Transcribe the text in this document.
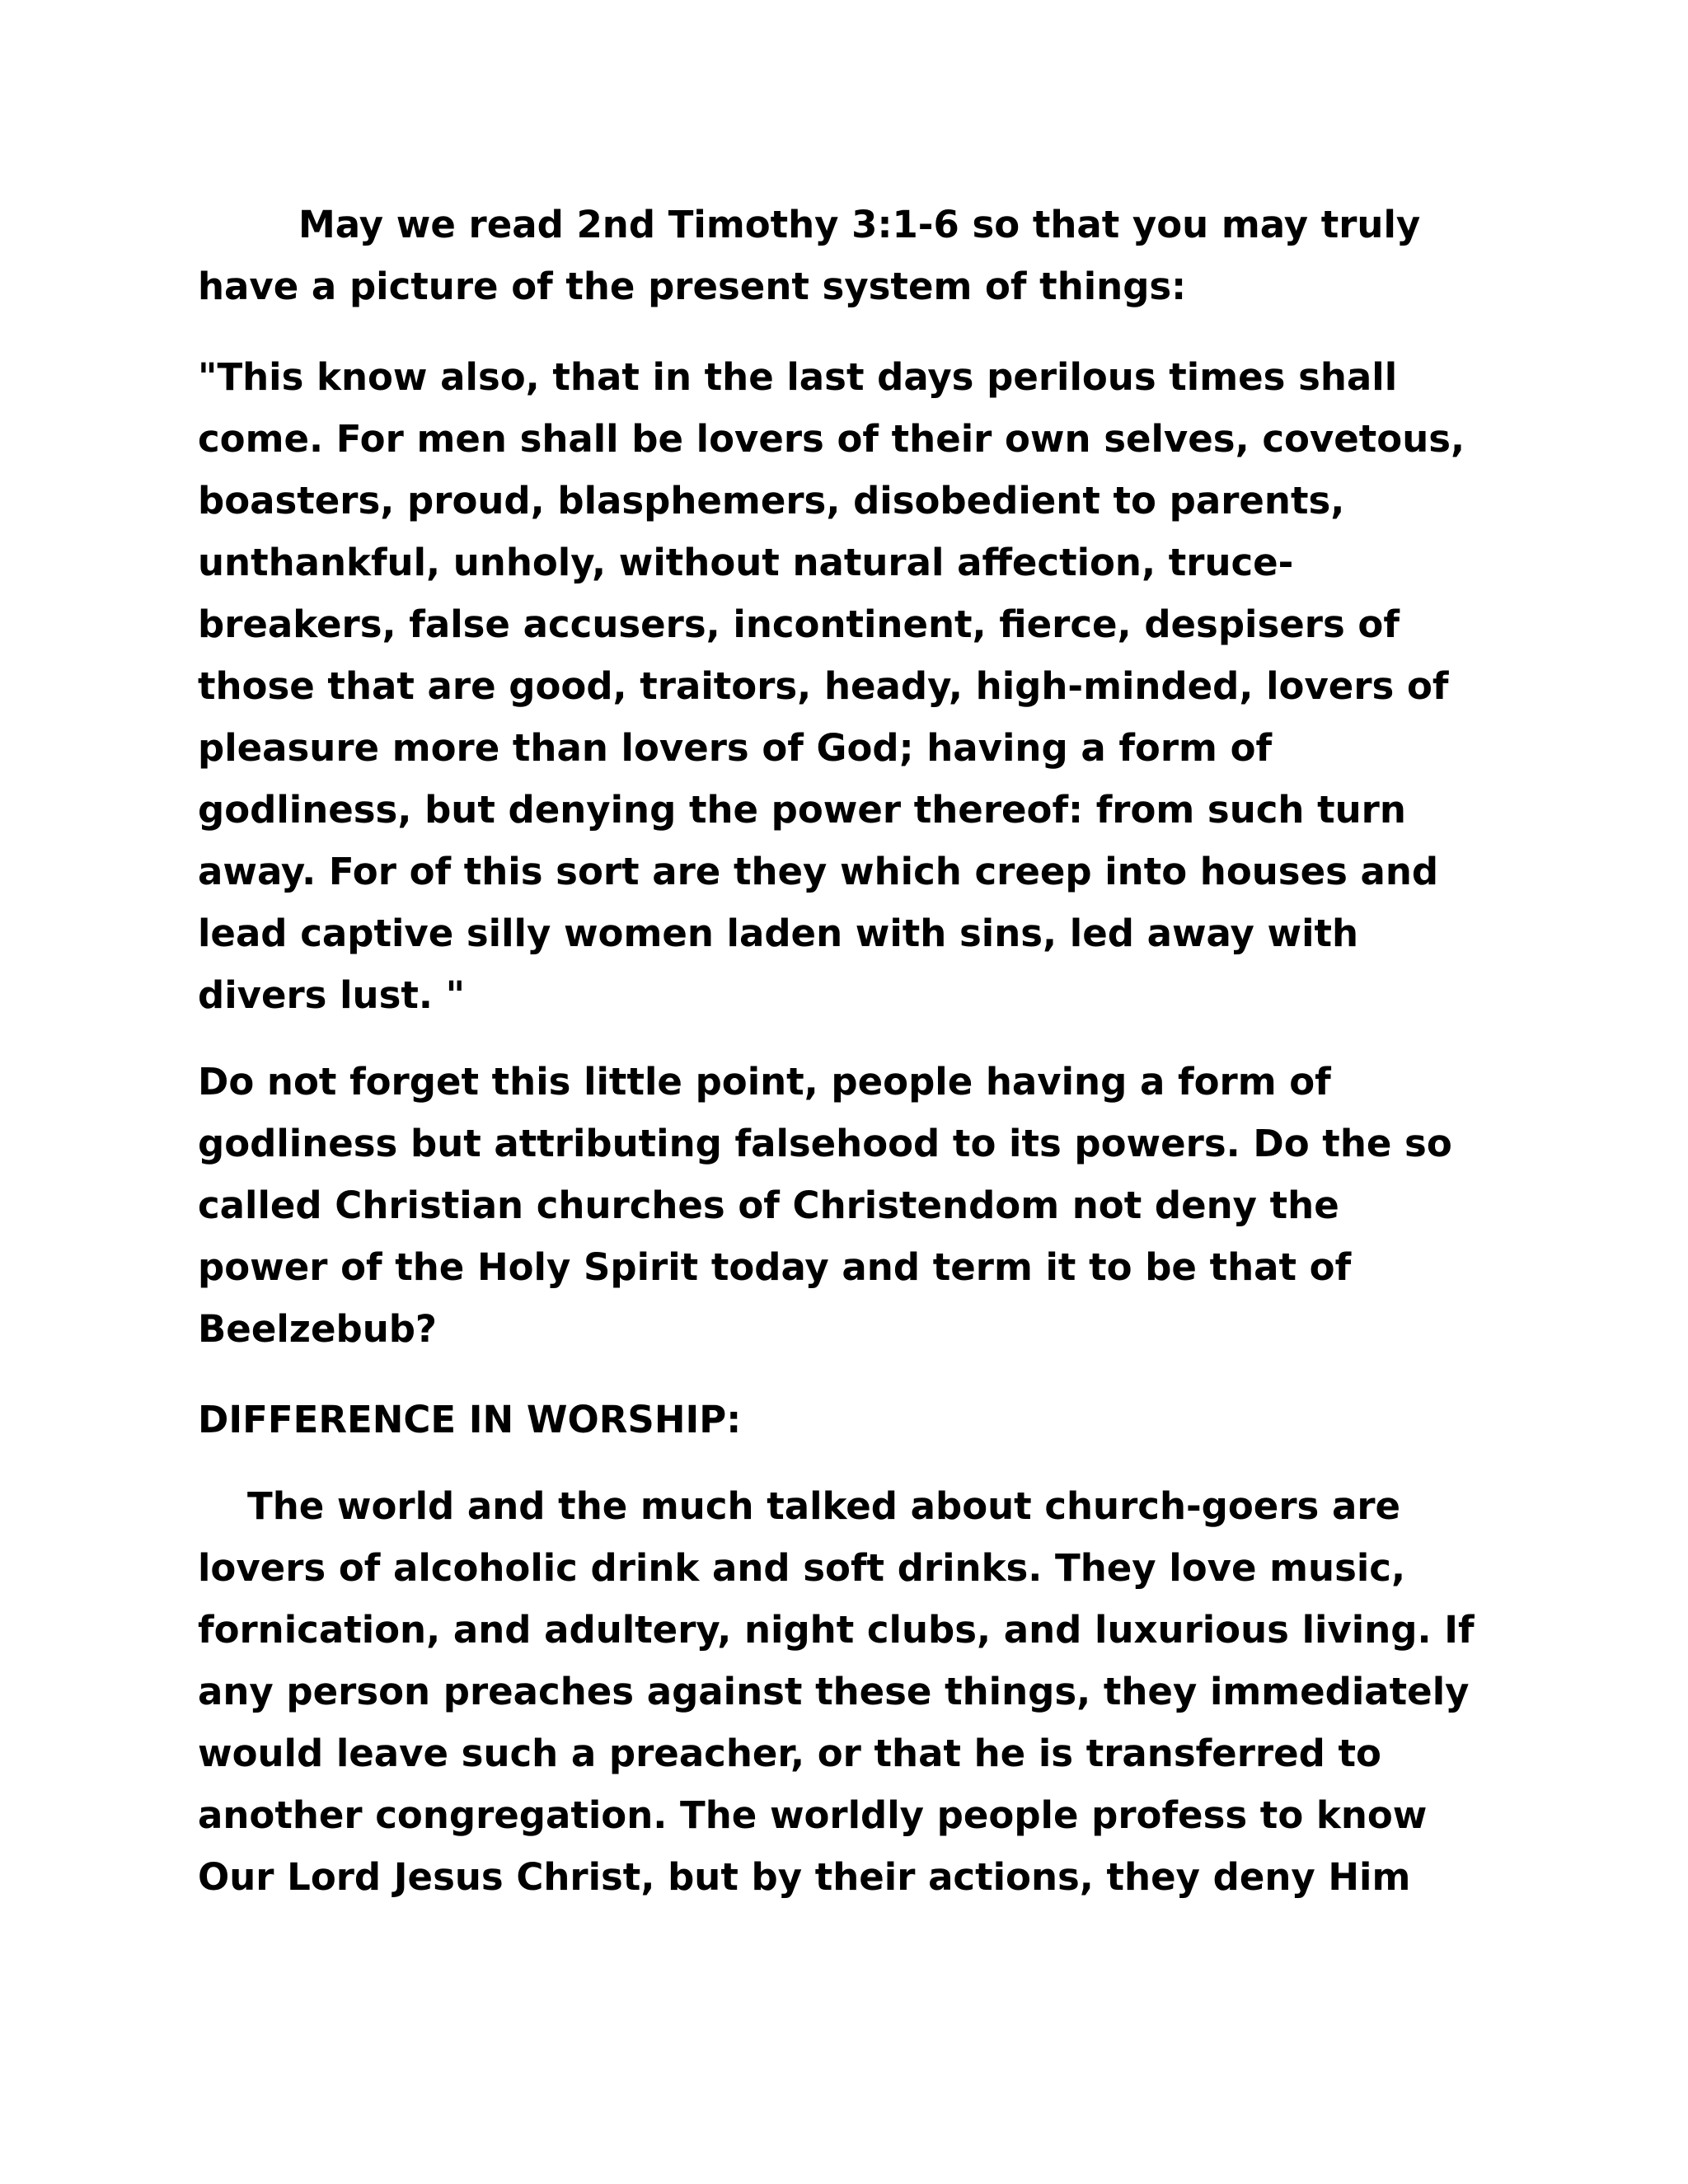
May we read 2nd Timothy 3:1-6 so that you may truly
have a picture of the present system of things:

"This know also, that in the last days perilous times shall
come. For men shall be lovers of their own selves, covetous,
boasters, proud, blasphemers, disobedient to parents,
unthankful, unholy, without natural affection, truce-
breakers, false accusers, incontinent, fierce, despisers of
those that are good, traitors, heady, high-minded, lovers of
pleasure more than lovers of God; having a form of
godliness, but denying the power thereof: from such turn
away. For of this sort are they which creep into houses and
lead captive silly women laden with sins, led away with
divers lust. "

Do not forget this little point, people having a form of
godliness but attributing falsehood to its powers. Do the so
called Christian churches of Christendom not deny the
power of the Holy Spirit today and term it to be that of
Beelzebub?

DIFFERENCE IN WORSHIP:

The world and the much talked about church-goers are
lovers of alcoholic drink and soft drinks. They love music,
fornication, and adultery, night clubs, and luxurious living. If
any person preaches against these things, they immediately
would leave such a preacher, or that he is transferred to
another congregation. The worldly people profess to know
Our Lord Jesus Christ, but by their actions, they deny Him
